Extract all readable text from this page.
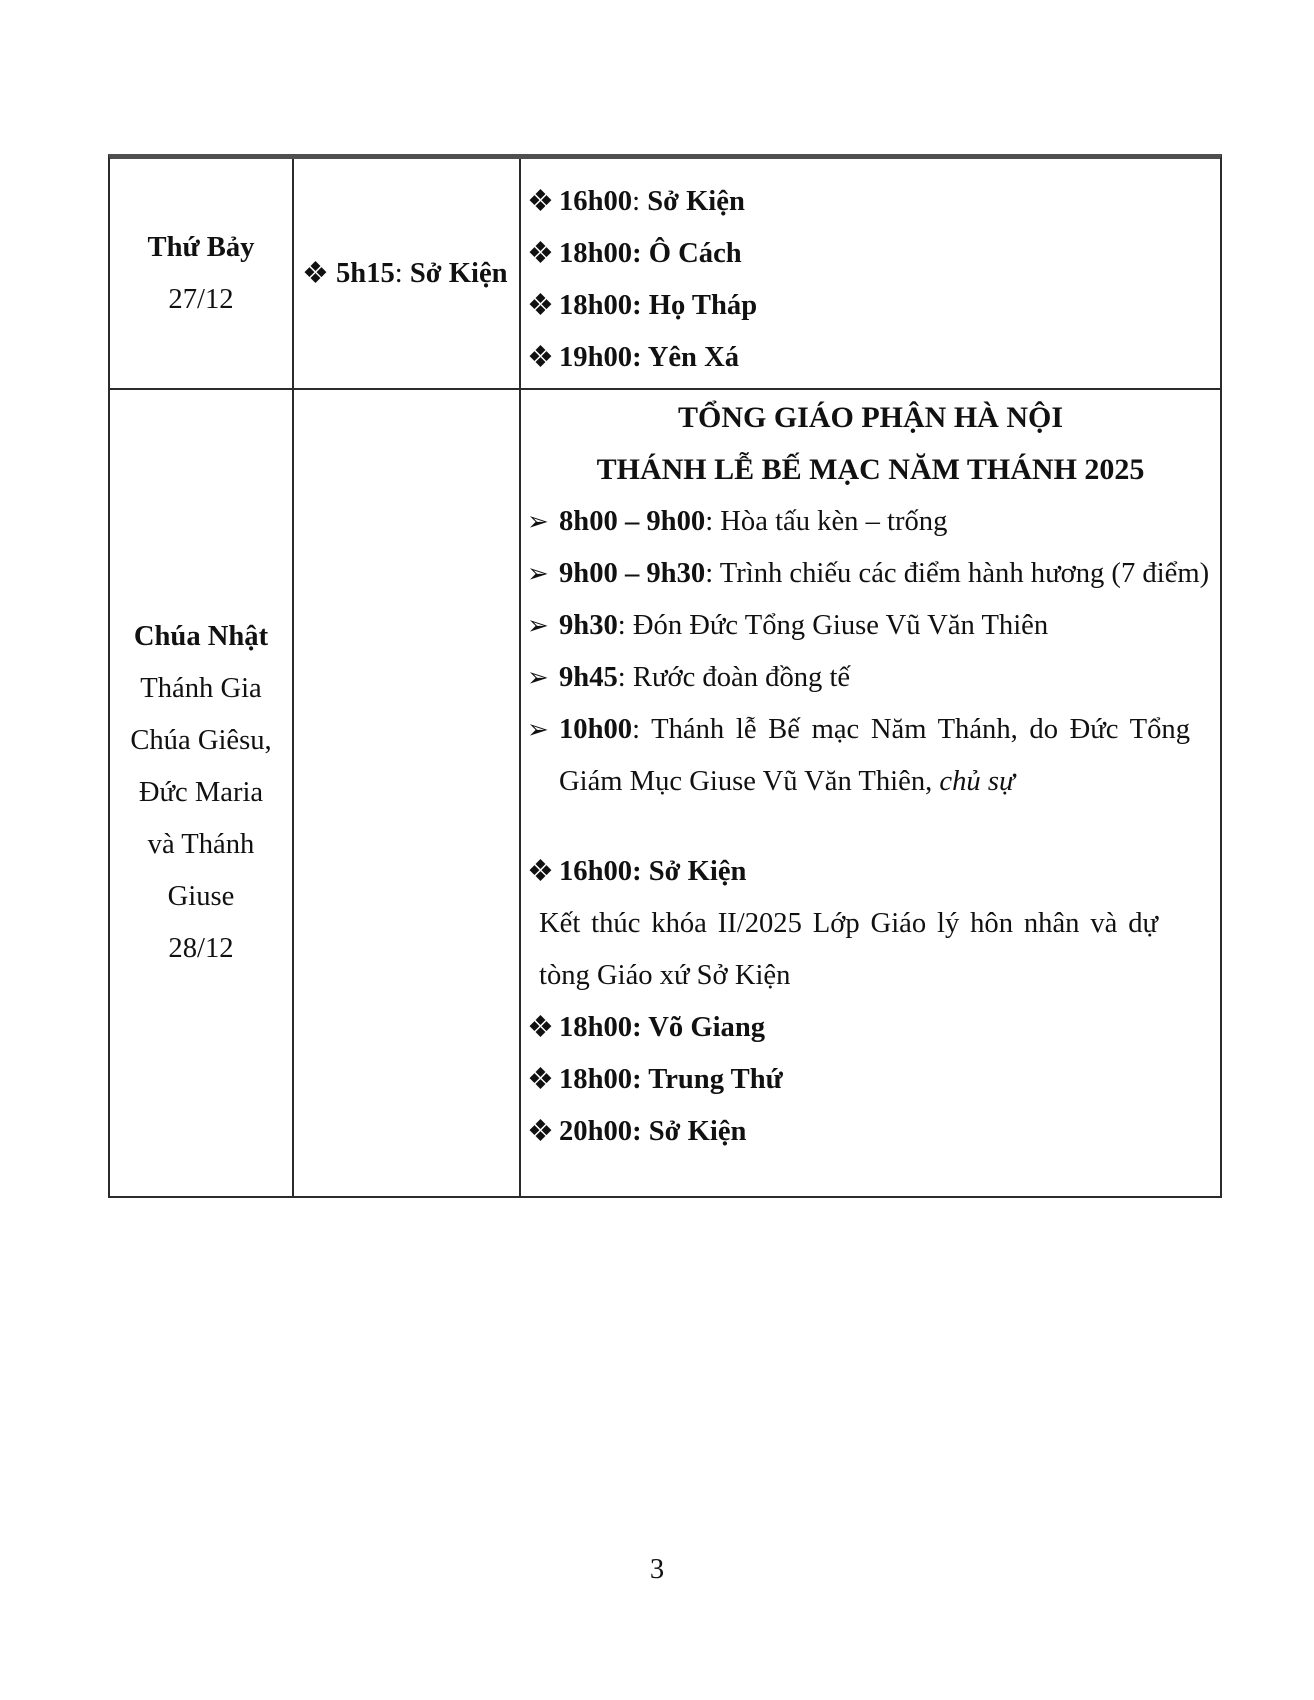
Thứ Bảy
27/12
❖ 5h15: Sở Kiện
❖ 16h00: Sở Kiện
❖ 18h00: Ô Cách
❖ 18h00: Họ Tháp
❖ 19h00: Yên Xá
Chúa Nhật
Thánh Gia
Chúa Giêsu,
Đức Maria
và Thánh
Giuse
28/12
TỔNG GIÁO PHẬN HÀ NỘI
THÁNH LỄ BẾ MẠC NĂM THÁNH 2025
➢ 8h00 – 9h00: Hòa tấu kèn – trống
➢ 9h00 – 9h30: Trình chiếu các điểm hành hương (7 điểm)
➢ 9h30: Đón Đức Tổng Giuse Vũ Văn Thiên
➢ 9h45: Rước đoàn đồng tế
➢ 10h00: Thánh lễ Bế mạc Năm Thánh, do Đức Tổng Giám Mục Giuse Vũ Văn Thiên, chủ sự
❖ 16h00: Sở Kiện
Kết thúc khóa II/2025 Lớp Giáo lý hôn nhân và dự tòng Giáo xứ Sở Kiện
❖ 18h00: Võ Giang
❖ 18h00: Trung Thứ
❖ 20h00: Sở Kiện
3
